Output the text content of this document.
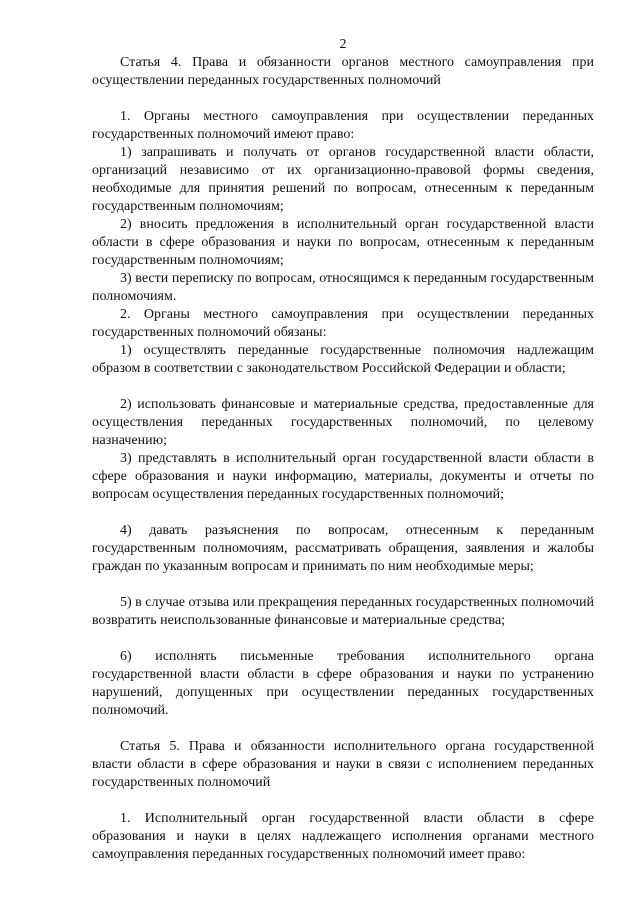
2

Статья 4. Права и обязанности органов местного самоуправления при осуществлении переданных государственных полномочий

1. Органы местного самоуправления при осуществлении переданных государственных полномочий имеют право:

1) запрашивать и получать от органов государственной власти области, организаций независимо от их организационно-правовой формы сведения, необходимые для принятия решений по вопросам, отнесенным к переданным государственным полномочиям;

2) вносить предложения в исполнительный орган государственной власти области в сфере образования и науки по вопросам, отнесенным к переданным государственным полномочиям;

3) вести переписку по вопросам, относящимся к переданным государственным полномочиям.

2. Органы местного самоуправления при осуществлении переданных государственных полномочий обязаны:

1) осуществлять переданные государственные полномочия надлежащим образом в соответствии с законодательством Российской Федерации и области;

2) использовать финансовые и материальные средства, предоставленные для осуществления переданных государственных полномочий, по целевому назначению;

3) представлять в исполнительный орган государственной власти области в сфере образования и науки информацию, материалы, документы и отчеты по вопросам осуществления переданных государственных полномочий;

4) давать разъяснения по вопросам, отнесенным к переданным государственным полномочиям, рассматривать обращения, заявления и жалобы граждан по указанным вопросам и принимать по ним необходимые меры;

5) в случае отзыва или прекращения переданных государственных полномочий возвратить неиспользованные финансовые и материальные средства;

6) исполнять письменные требования исполнительного органа государственной власти области в сфере образования и науки по устранению нарушений, допущенных при осуществлении переданных государственных полномочий.

Статья 5. Права и обязанности исполнительного органа государственной власти области в сфере образования и науки в связи с исполнением переданных государственных полномочий

1. Исполнительный орган государственной власти области в сфере образования и науки в целях надлежащего исполнения органами местного самоуправления переданных государственных полномочий имеет право:
